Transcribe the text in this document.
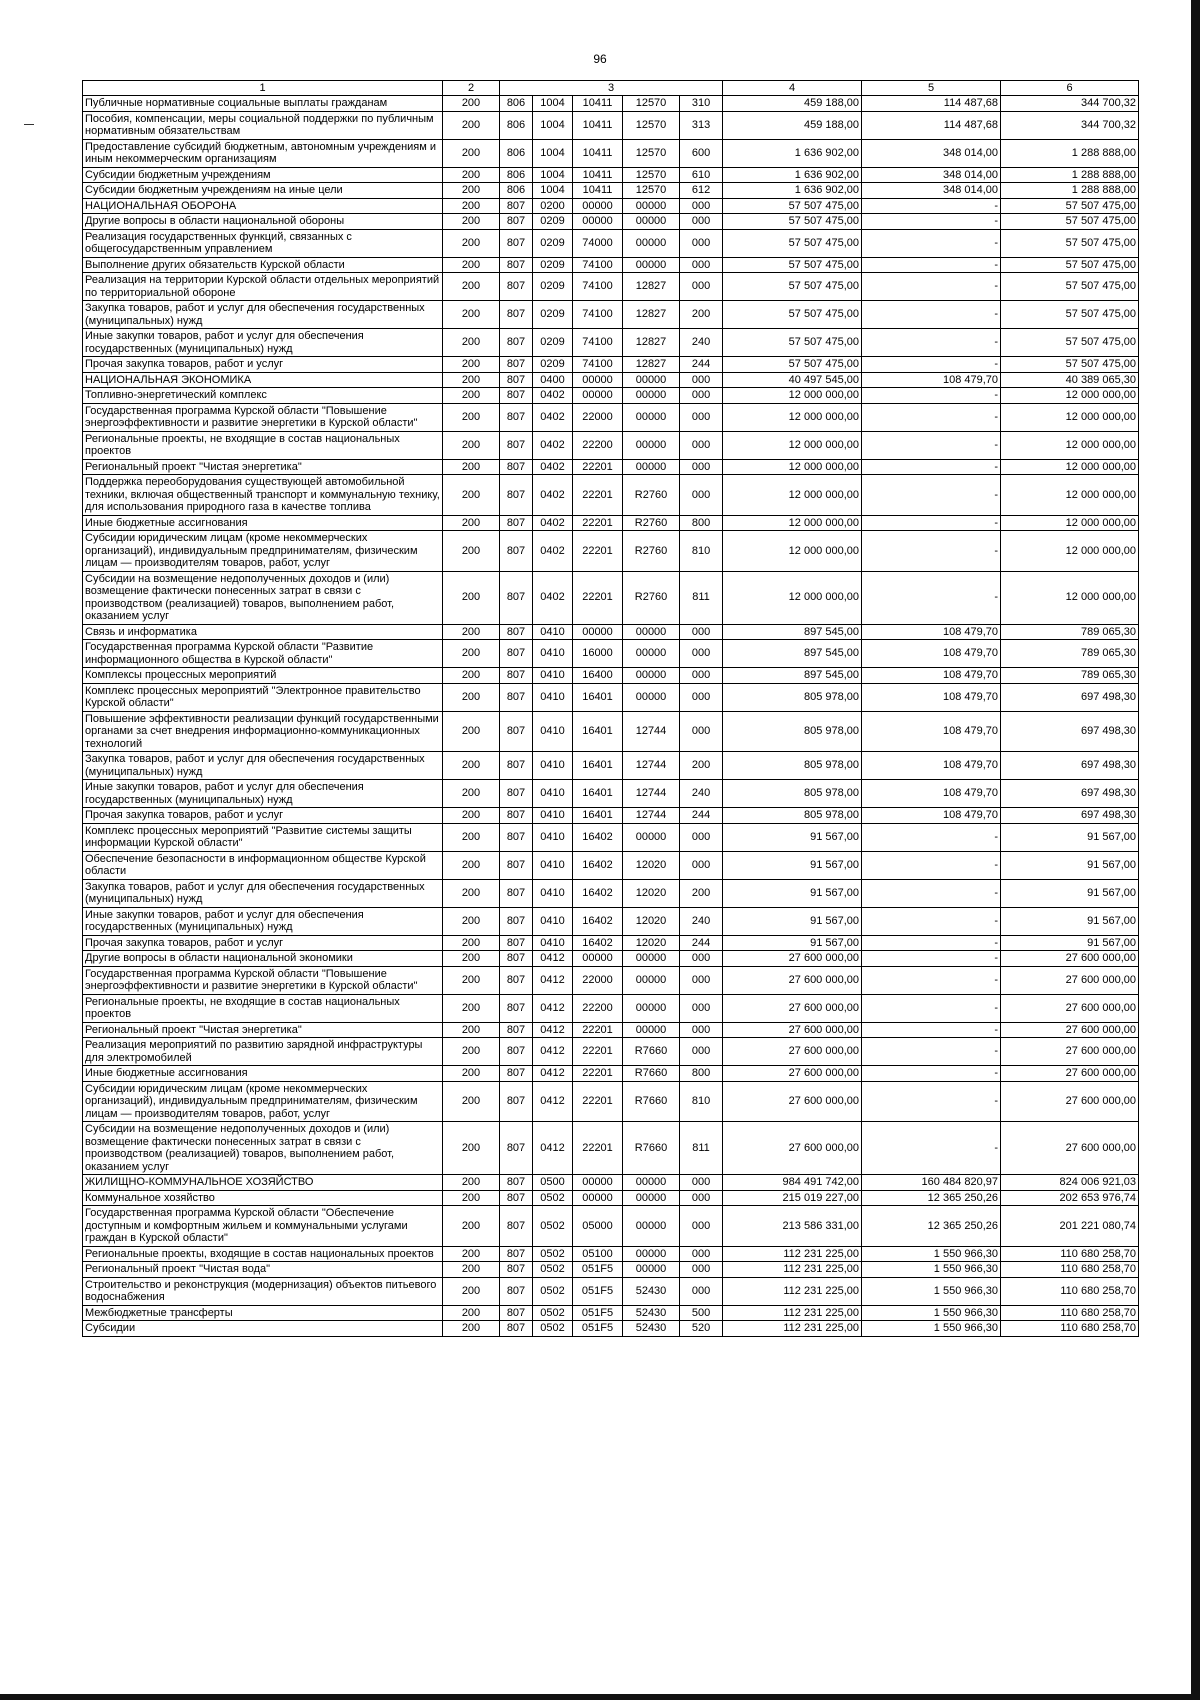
96
1	2	3					4	5	6
Публичные нормативные социальные выплаты гражданам	200	806	1004	10411	12570	310	459 188,00	114 487,68	344 700,32
Пособия, компенсации, меры социальной поддержки по публичным нормативным обязательствам	200	806	1004	10411	12570	313	459 188,00	114 487,68	344 700,32
Предоставление субсидий бюджетным, автономным учреждениям и иным некоммерческим организациям	200	806	1004	10411	12570	600	1 636 902,00	348 014,00	1 288 888,00
Субсидии бюджетным учреждениям	200	806	1004	10411	12570	610	1 636 902,00	348 014,00	1 288 888,00
Субсидии бюджетным учреждениям на иные цели	200	806	1004	10411	12570	612	1 636 902,00	348 014,00	1 288 888,00
НАЦИОНАЛЬНАЯ ОБОРОНА	200	807	0200	00000	00000	000	57 507 475,00	-	57 507 475,00
Другие вопросы в области национальной обороны	200	807	0209	00000	00000	000	57 507 475,00	-	57 507 475,00
Реализация государственных функций, связанных с общегосударственным управлением	200	807	0209	74000	00000	000	57 507 475,00	-	57 507 475,00
Выполнение других обязательств Курской области	200	807	0209	74100	00000	000	57 507 475,00	-	57 507 475,00
Реализация на территории Курской области отдельных мероприятий по территориальной обороне	200	807	0209	74100	12827	000	57 507 475,00	-	57 507 475,00
Закупка товаров, работ и услуг для обеспечения государственных (муниципальных) нужд	200	807	0209	74100	12827	200	57 507 475,00	-	57 507 475,00
Иные закупки товаров, работ и услуг для обеспечения государственных (муниципальных) нужд	200	807	0209	74100	12827	240	57 507 475,00	-	57 507 475,00
Прочая закупка товаров, работ и услуг	200	807	0209	74100	12827	244	57 507 475,00	-	57 507 475,00
НАЦИОНАЛЬНАЯ ЭКОНОМИКА	200	807	0400	00000	00000	000	40 497 545,00	108 479,70	40 389 065,30
Топливно-энергетический комплекс	200	807	0402	00000	00000	000	12 000 000,00	-	12 000 000,00
Государственная программа Курской области "Повышение энергоэффективности и развитие энергетики в Курской области"	200	807	0402	22000	00000	000	12 000 000,00	-	12 000 000,00
Региональные проекты, не входящие в состав национальных проектов	200	807	0402	22200	00000	000	12 000 000,00	-	12 000 000,00
Региональный проект "Чистая энергетика"	200	807	0402	22201	00000	000	12 000 000,00	-	12 000 000,00
Поддержка переоборудования существующей автомобильной техники, включая общественный транспорт и коммунальную технику, для использования природного газа в качестве топлива	200	807	0402	22201	R2760	000	12 000 000,00	-	12 000 000,00
Иные бюджетные ассигнования	200	807	0402	22201	R2760	800	12 000 000,00	-	12 000 000,00
Субсидии юридическим лицам (кроме некоммерческих организаций), индивидуальным предпринимателям, физическим лицам — производителям товаров, работ, услуг	200	807	0402	22201	R2760	810	12 000 000,00	-	12 000 000,00
Субсидии на возмещение недополученных доходов и (или) возмещение фактически понесенных затрат в связи с производством (реализацией) товаров, выполнением работ, оказанием услуг	200	807	0402	22201	R2760	811	12 000 000,00	-	12 000 000,00
Связь и информатика	200	807	0410	00000	00000	000	897 545,00	108 479,70	789 065,30
Государственная программа Курской области "Развитие информационного общества в Курской области"	200	807	0410	16000	00000	000	897 545,00	108 479,70	789 065,30
Комплексы процессных мероприятий	200	807	0410	16400	00000	000	897 545,00	108 479,70	789 065,30
Комплекс процессных мероприятий "Электронное правительство Курской области"	200	807	0410	16401	00000	000	805 978,00	108 479,70	697 498,30
Повышение эффективности реализации функций государственными органами за счет внедрения информационно-коммуникационных технологий	200	807	0410	16401	12744	000	805 978,00	108 479,70	697 498,30
Закупка товаров, работ и услуг для обеспечения государственных (муниципальных) нужд	200	807	0410	16401	12744	200	805 978,00	108 479,70	697 498,30
Иные закупки товаров, работ и услуг для обеспечения государственных (муниципальных) нужд	200	807	0410	16401	12744	240	805 978,00	108 479,70	697 498,30
Прочая закупка товаров, работ и услуг	200	807	0410	16401	12744	244	805 978,00	108 479,70	697 498,30
Комплекс процессных мероприятий "Развитие системы защиты информации Курской области"	200	807	0410	16402	00000	000	91 567,00	-	91 567,00
Обеспечение безопасности в информационном обществе Курской области	200	807	0410	16402	12020	000	91 567,00	-	91 567,00
Закупка товаров, работ и услуг для обеспечения государственных (муниципальных) нужд	200	807	0410	16402	12020	200	91 567,00	-	91 567,00
Иные закупки товаров, работ и услуг для обеспечения государственных (муниципальных) нужд	200	807	0410	16402	12020	240	91 567,00	-	91 567,00
Прочая закупка товаров, работ и услуг	200	807	0410	16402	12020	244	91 567,00	-	91 567,00
Другие вопросы в области национальной экономики	200	807	0412	00000	00000	000	27 600 000,00	-	27 600 000,00
Государственная программа Курской области "Повышение энергоэффективности и развитие энергетики в Курской области"	200	807	0412	22000	00000	000	27 600 000,00	-	27 600 000,00
Региональные проекты, не входящие в состав национальных проектов	200	807	0412	22200	00000	000	27 600 000,00	-	27 600 000,00
Региональный проект "Чистая энергетика"	200	807	0412	22201	00000	000	27 600 000,00	-	27 600 000,00
Реализация мероприятий по развитию зарядной инфраструктуры для электромобилей	200	807	0412	22201	R7660	000	27 600 000,00	-	27 600 000,00
Иные бюджетные ассигнования	200	807	0412	22201	R7660	800	27 600 000,00	-	27 600 000,00
Субсидии юридическим лицам (кроме некоммерческих организаций), индивидуальным предпринимателям, физическим лицам — производителям товаров, работ, услуг	200	807	0412	22201	R7660	810	27 600 000,00	-	27 600 000,00
Субсидии на возмещение недополученных доходов и (или) возмещение фактически понесенных затрат в связи с производством (реализацией) товаров, выполнением работ, оказанием услуг	200	807	0412	22201	R7660	811	27 600 000,00	-	27 600 000,00
ЖИЛИЩНО-КОММУНАЛЬНОЕ ХОЗЯЙСТВО	200	807	0500	00000	00000	000	984 491 742,00	160 484 820,97	824 006 921,03
Коммунальное хозяйство	200	807	0502	00000	00000	000	215 019 227,00	12 365 250,26	202 653 976,74
Государственная программа Курской области "Обеспечение доступным и комфортным жильем и коммунальными услугами граждан в Курской области"	200	807	0502	05000	00000	000	213 586 331,00	12 365 250,26	201 221 080,74
Региональные проекты, входящие в состав национальных проектов	200	807	0502	05100	00000	000	112 231 225,00	1 550 966,30	110 680 258,70
Региональный проект "Чистая вода"	200	807	0502	051F5	00000	000	112 231 225,00	1 550 966,30	110 680 258,70
Строительство и реконструкция (модернизация) объектов питьевого водоснабжения	200	807	0502	051F5	52430	000	112 231 225,00	1 550 966,30	110 680 258,70
Межбюджетные трансферты	200	807	0502	051F5	52430	500	112 231 225,00	1 550 966,30	110 680 258,70
Субсидии	200	807	0502	051F5	52430	520	112 231 225,00	1 550 966,30	110 680 258,70
